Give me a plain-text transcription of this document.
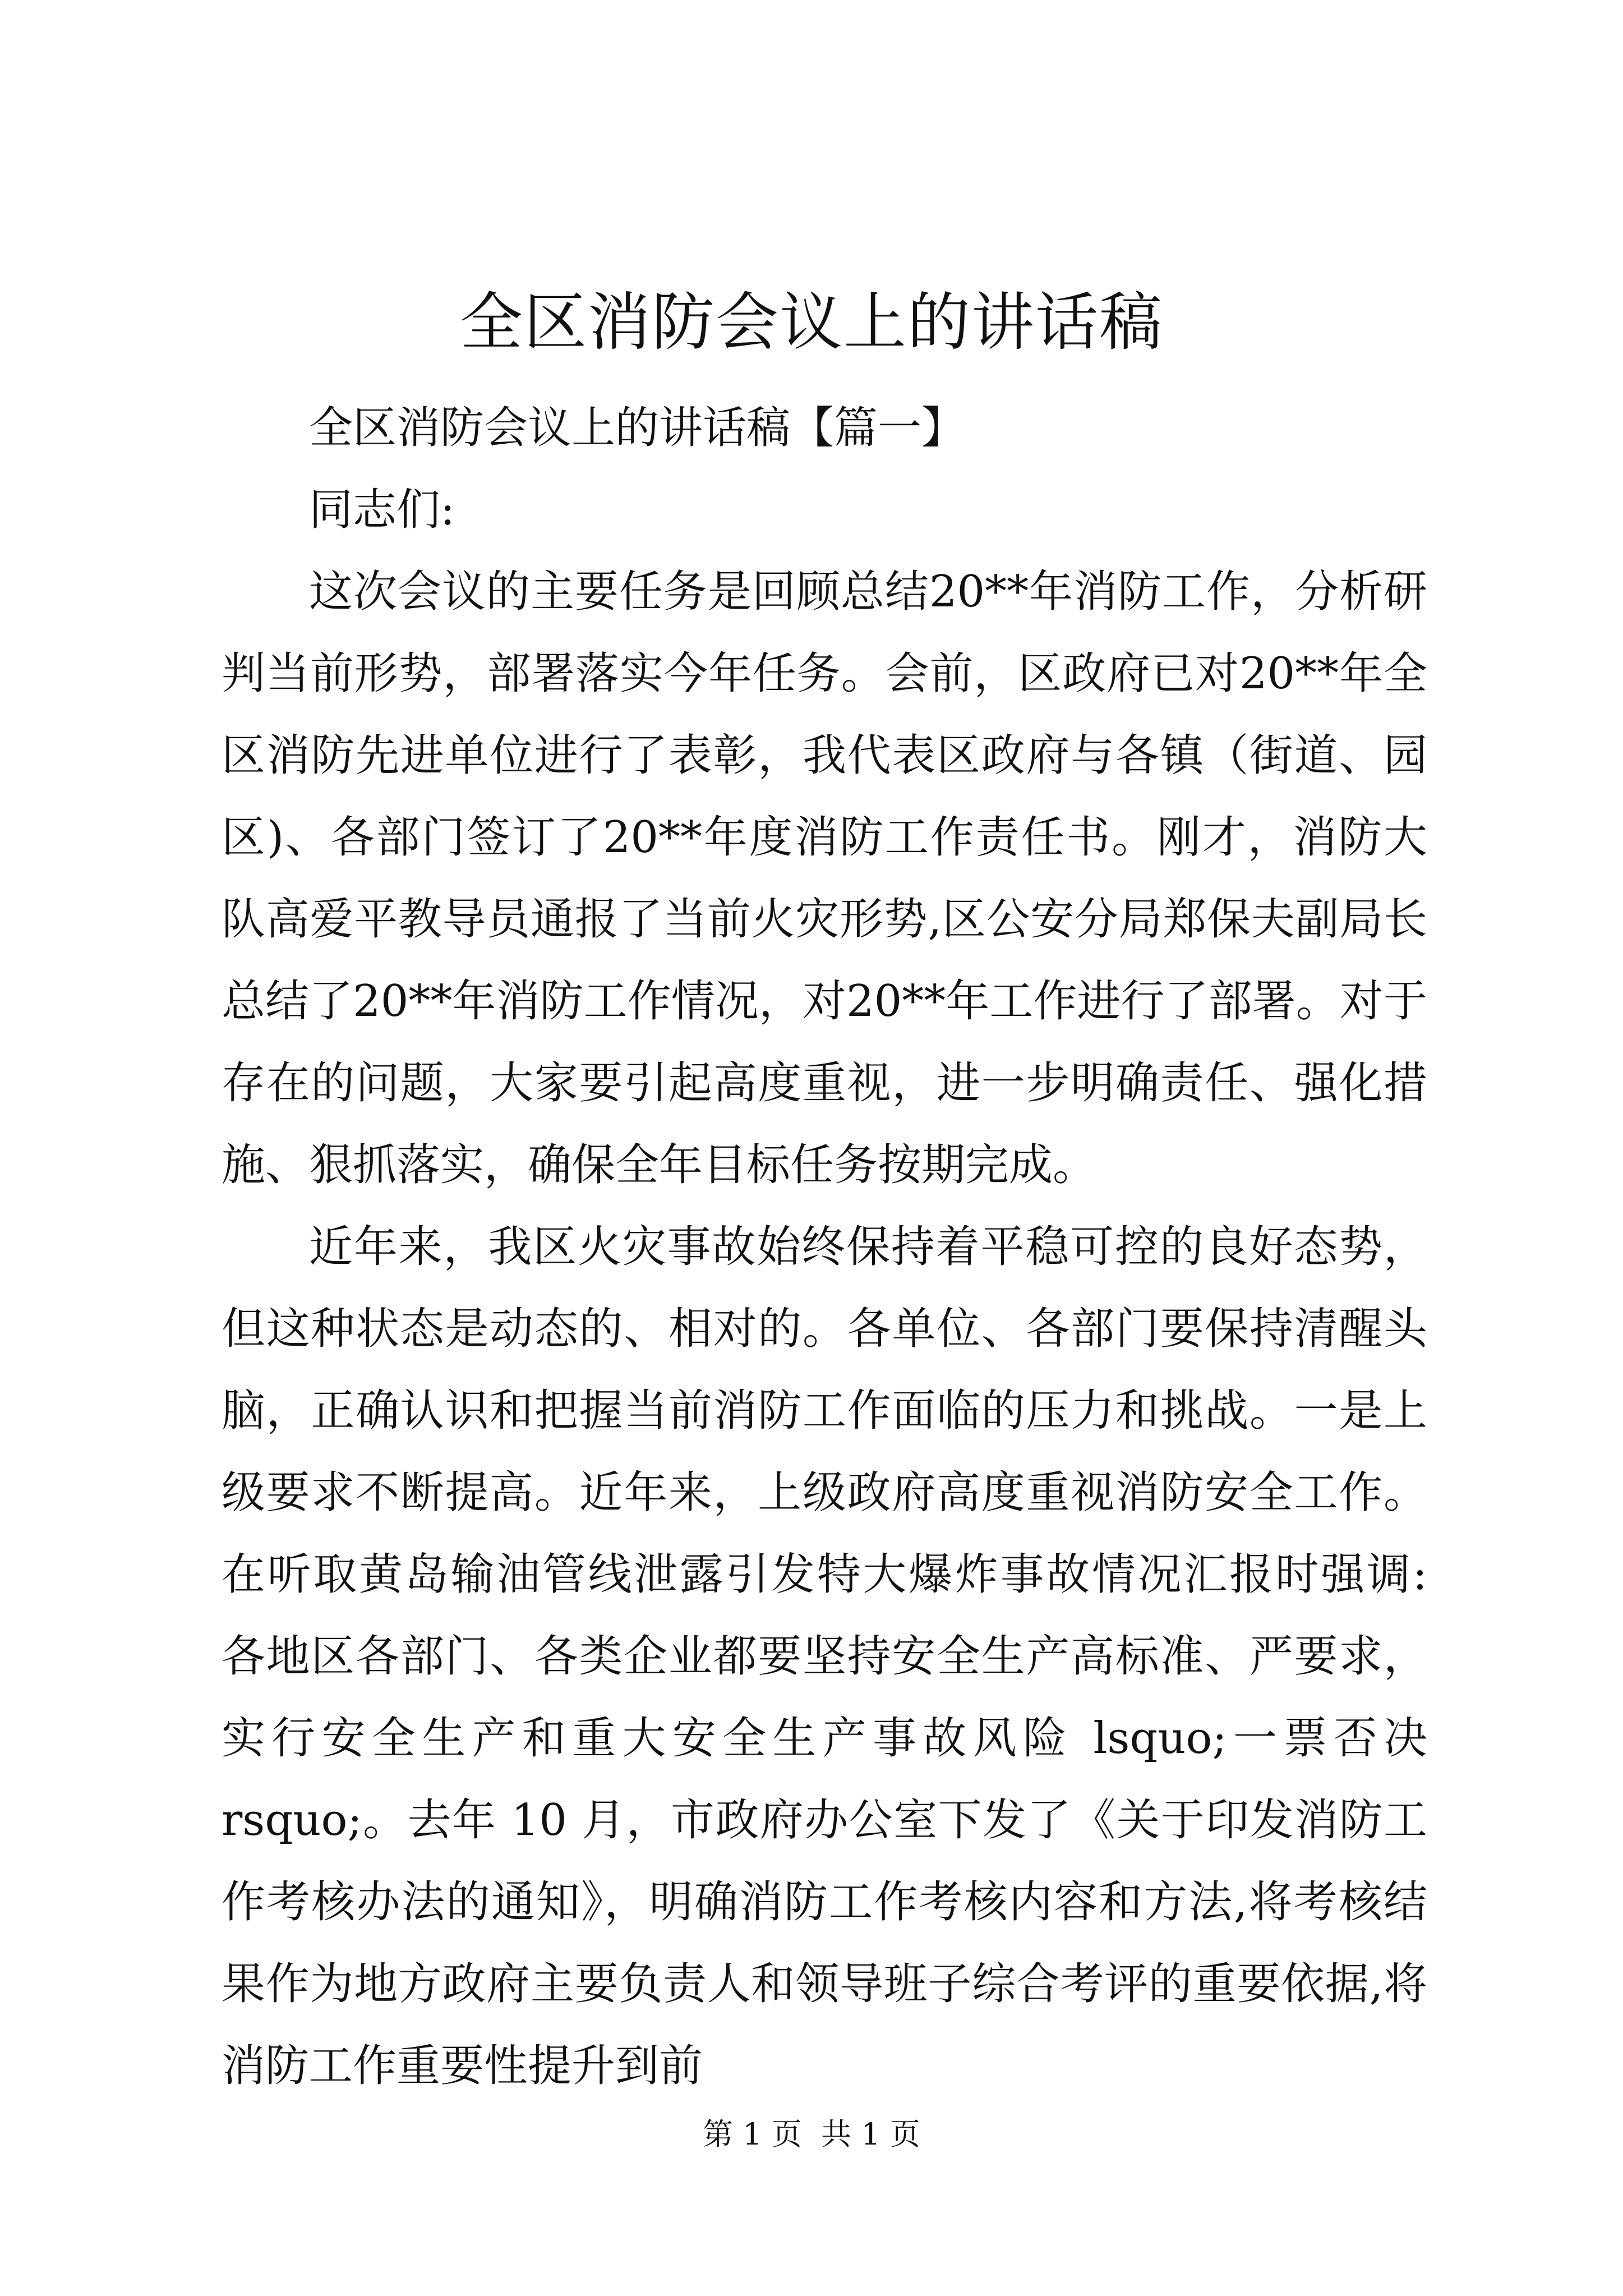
全区消防会议上的讲话稿

全区消防会议上的讲话稿【篇一】

同志们:

这次会议的主要任务是回顾总结20**年消防工作，分析研判当前形势，部署落实今年任务。会前，区政府已对20**年全区消防先进单位进行了表彰，我代表区政府与各镇（街道、园区)、各部门签订了20**年度消防工作责任书。刚才，消防大队高爱平教导员通报了当前火灾形势,区公安分局郑保夫副局长总结了20**年消防工作情况，对20**年工作进行了部署。对于存在的问题，大家要引起高度重视，进一步明确责任、强化措施、狠抓落实，确保全年目标任务按期完成。

近年来，我区火灾事故始终保持着平稳可控的良好态势，但这种状态是动态的、相对的。各单位、各部门要保持清醒头脑，正确认识和把握当前消防工作面临的压力和挑战。一是上级要求不断提高。近年来，上级政府高度重视消防安全工作。在听取黄岛输油管线泄露引发特大爆炸事故情况汇报时强调: 各地区各部门、各类企业都要坚持安全生产高标准、严要求，实行安全生产和重大安全生产事故风险 lsquo;一票否决 rsquo;。去年 10 月，市政府办公室下发了《关于印发消防工作考核办法的通知》，明确消防工作考核内容和方法,将考核结果作为地方政府主要负责人和领导班子综合考评的重要依据,将消防工作重要性提升到前

第 1 页  共 1 页
